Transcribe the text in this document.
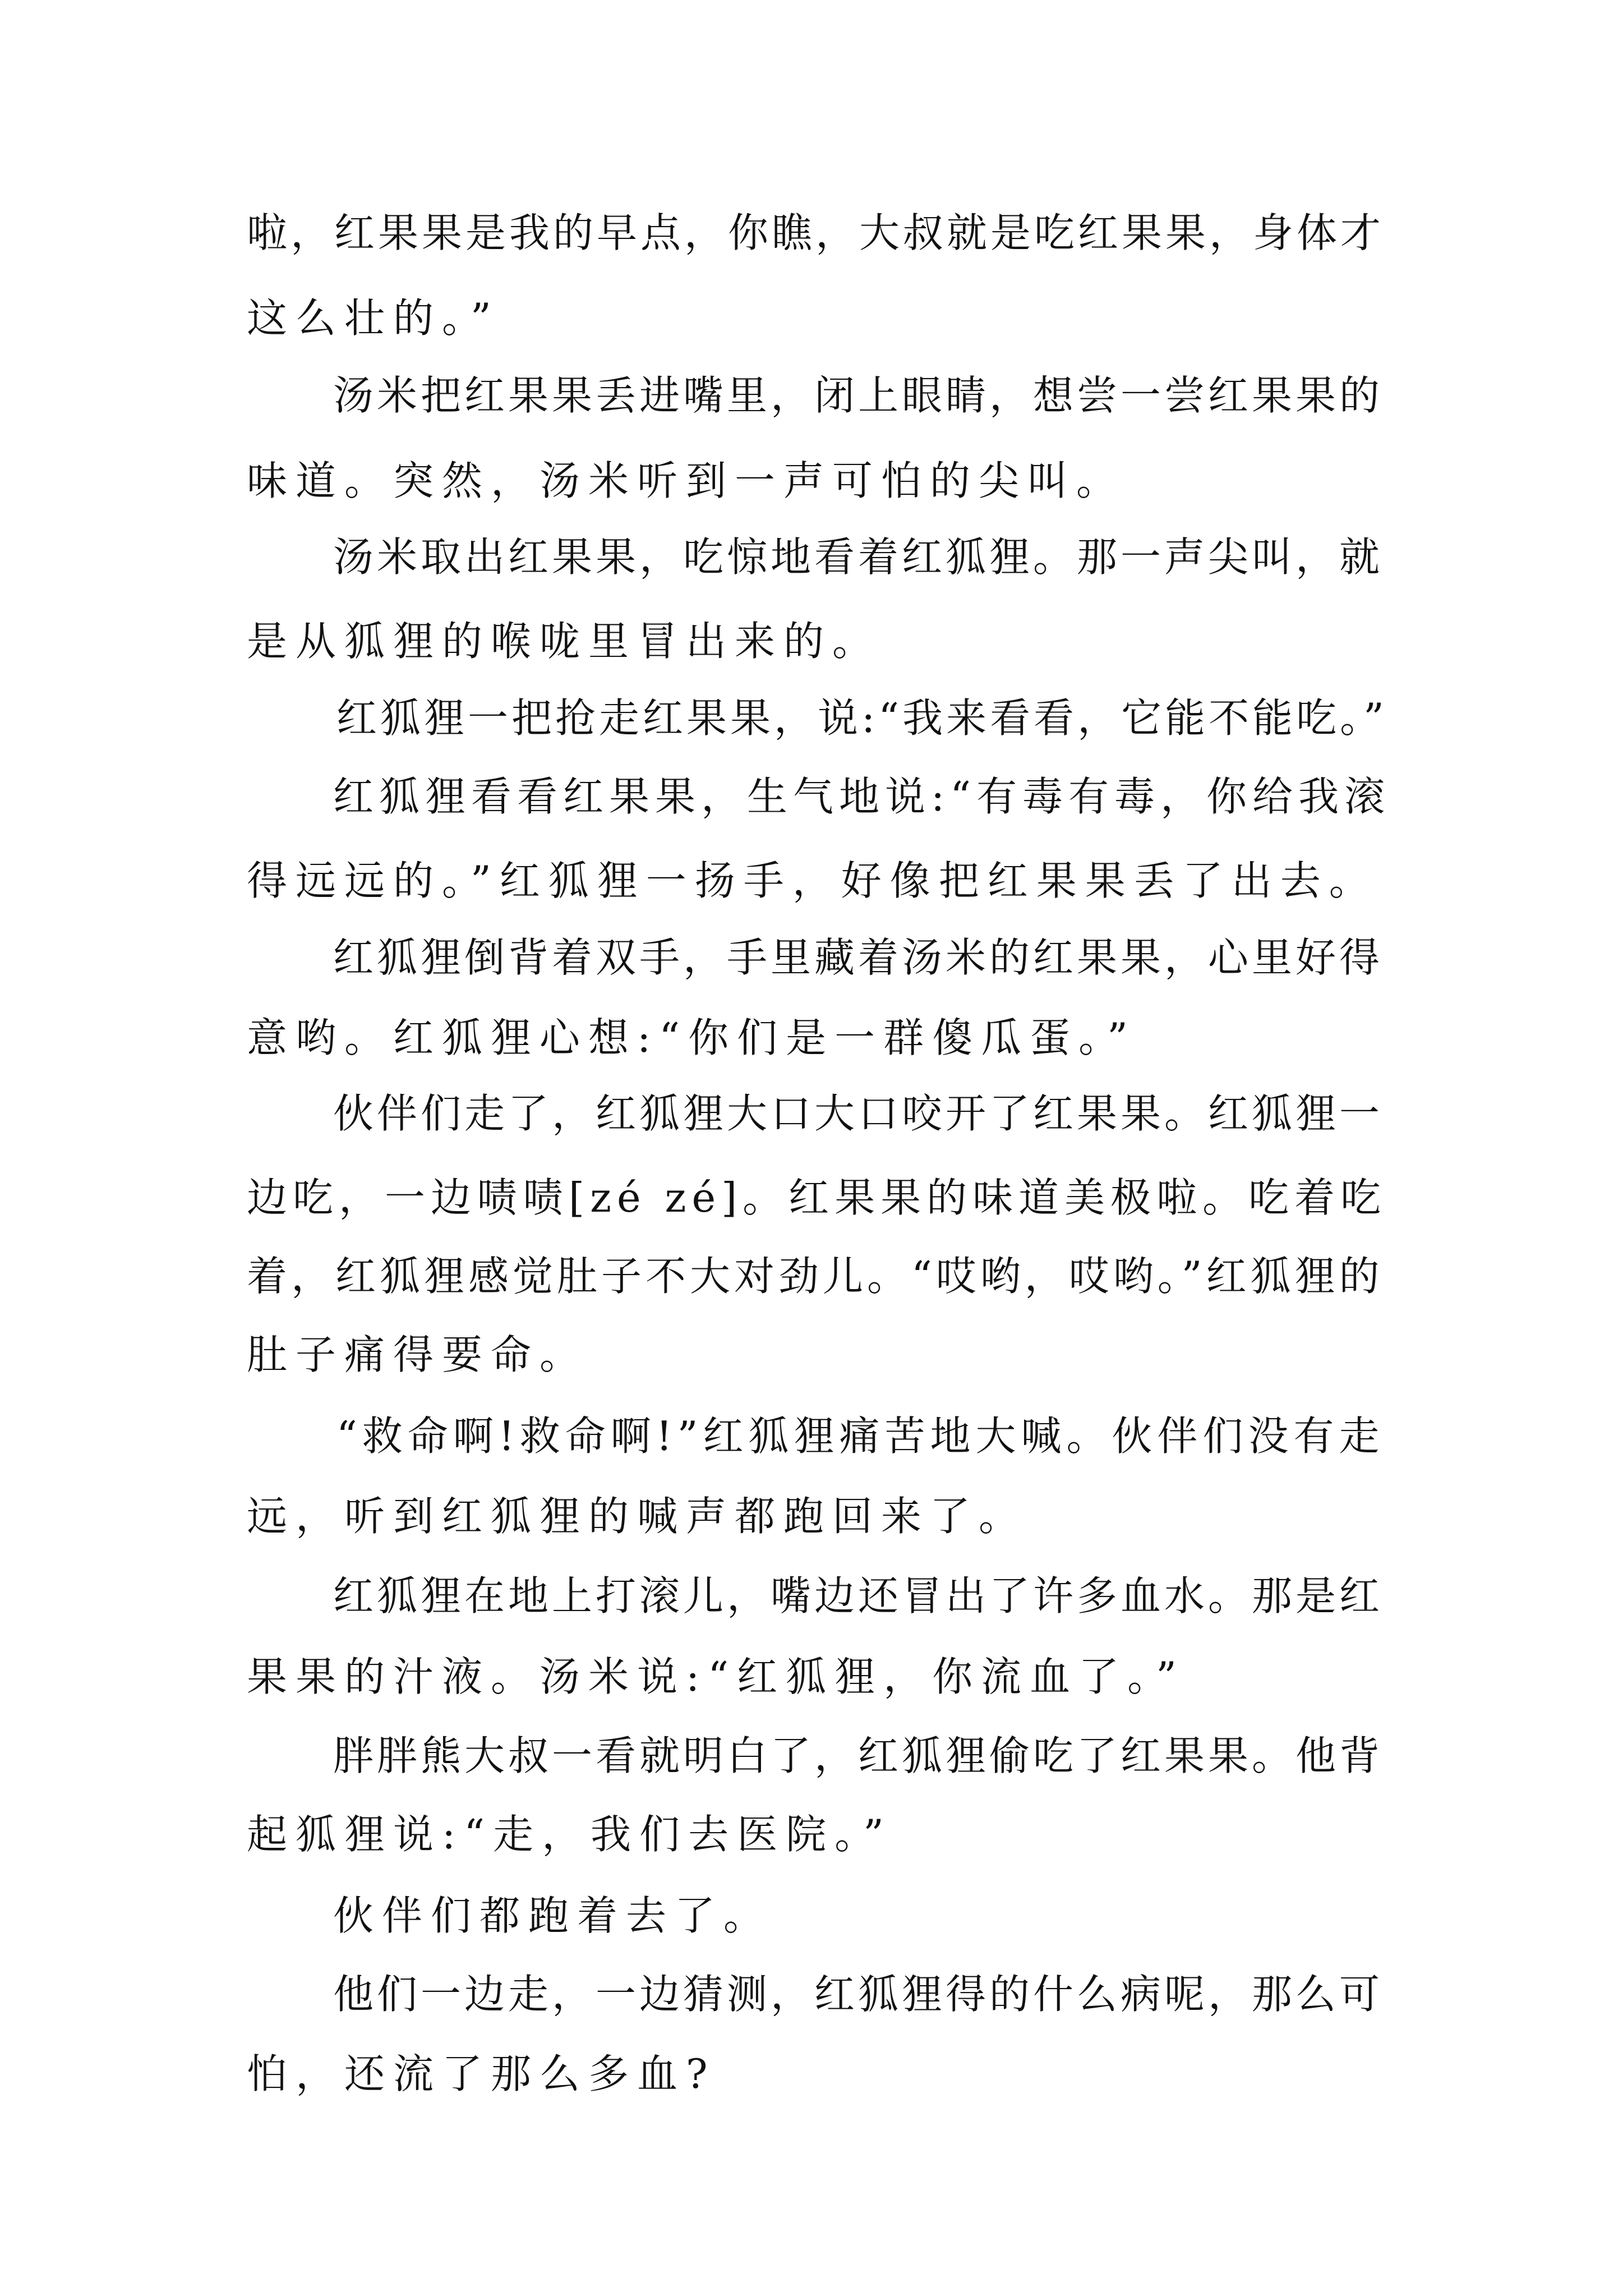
啦，红果果是我的早点，你瞧，大叔就是吃红果果，身体才
这么壮的。”
汤米把红果果丢进嘴里，闭上眼睛，想尝一尝红果果的
味道。突然，汤米听到一声可怕的尖叫。
汤米取出红果果，吃惊地看着红狐狸。那一声尖叫，就
是从狐狸的喉咙里冒出来的。
红狐狸一把抢走红果果，说:“我来看看，它能不能吃。”
红狐狸看看红果果，生气地说:“有毒有毒，你给我滚
得远远的。”红狐狸一扬手，好像把红果果丢了出去。
红狐狸倒背着双手，手里藏着汤米的红果果，心里好得
意哟。红狐狸心想:“你们是一群傻瓜蛋。”
伙伴们走了，红狐狸大口大口咬开了红果果。红狐狸一
边吃，一边啧啧[zé zé]。红果果的味道美极啦。吃着吃
着，红狐狸感觉肚子不大对劲儿。“哎哟，哎哟。”红狐狸的
肚子痛得要命。
“救命啊!救命啊!”红狐狸痛苦地大喊。伙伴们没有走
远，听到红狐狸的喊声都跑回来了。
红狐狸在地上打滚儿，嘴边还冒出了许多血水。那是红
果果的汁液。汤米说:“红狐狸，你流血了。”
胖胖熊大叔一看就明白了，红狐狸偷吃了红果果。他背
起狐狸说:“走，我们去医院。”
伙伴们都跑着去了。
他们一边走，一边猜测，红狐狸得的什么病呢，那么可
怕，还流了那么多血?
